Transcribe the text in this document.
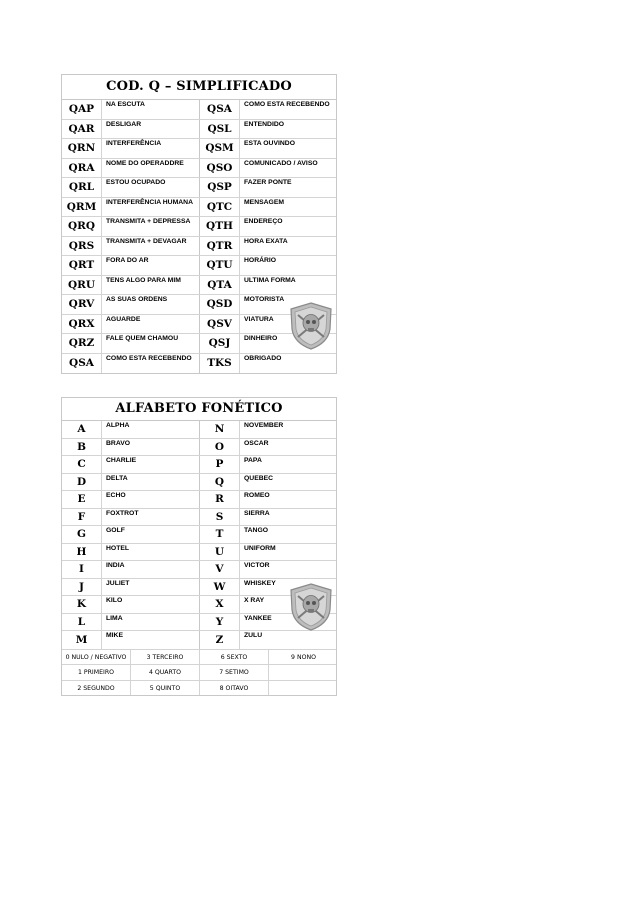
COD. Q – SIMPLIFICADO
QAP	NA ESCUTA	QSA	COMO ESTA RECEBENDO
QAR	DESLIGAR	QSL	ENTENDIDO
QRN	INTERFERÊNCIA	QSM	ESTA OUVINDO
QRA	NOME DO OPERADDRE	QSO	COMUNICADO / AVISO
QRL	ESTOU OCUPADO	QSP	FAZER PONTE
QRM	INTERFERÊNCIA HUMANA	QTC	MENSAGEM
QRQ	TRANSMITA + DEPRESSA	QTH	ENDEREÇO
QRS	TRANSMITA + DEVAGAR	QTR	HORA EXATA
QRT	FORA DO AR	QTU	HORÁRIO
QRU	TENS ALGO PARA MIM	QTA	ULTIMA FORMA
QRV	AS SUAS ORDENS	QSD	MOTORISTA
QRX	AGUARDE	QSV	VIATURA
QRZ	FALE QUEM CHAMOU	QSJ	DINHEIRO
QSA	COMO ESTA RECEBENDO	TKS	OBRIGADO
ALFABETO FONÉTICO
A	ALPHA	N	NOVEMBER
B	BRAVO	O	OSCAR
C	CHARLIE	P	PAPA
D	DELTA	Q	QUEBEC
E	ECHO	R	ROMEO
F	FOXTROT	S	SIERRA
G	GOLF	T	TANGO
H	HOTEL	U	UNIFORM
I	INDIA	V	VICTOR
J	JULIET	W	WHISKEY
K	KILO	X	X RAY
L	LIMA	Y	YANKEE
M	MIKE	Z	ZULU
0 NULO / NEGATIVO	3 TERCEIRO	6 SEXTO	9 NONO
1 PRIMEIRO	4 QUARTO	7 SETIMO
2 SEGUNDO	5 QUINTO	8 OITAVO
